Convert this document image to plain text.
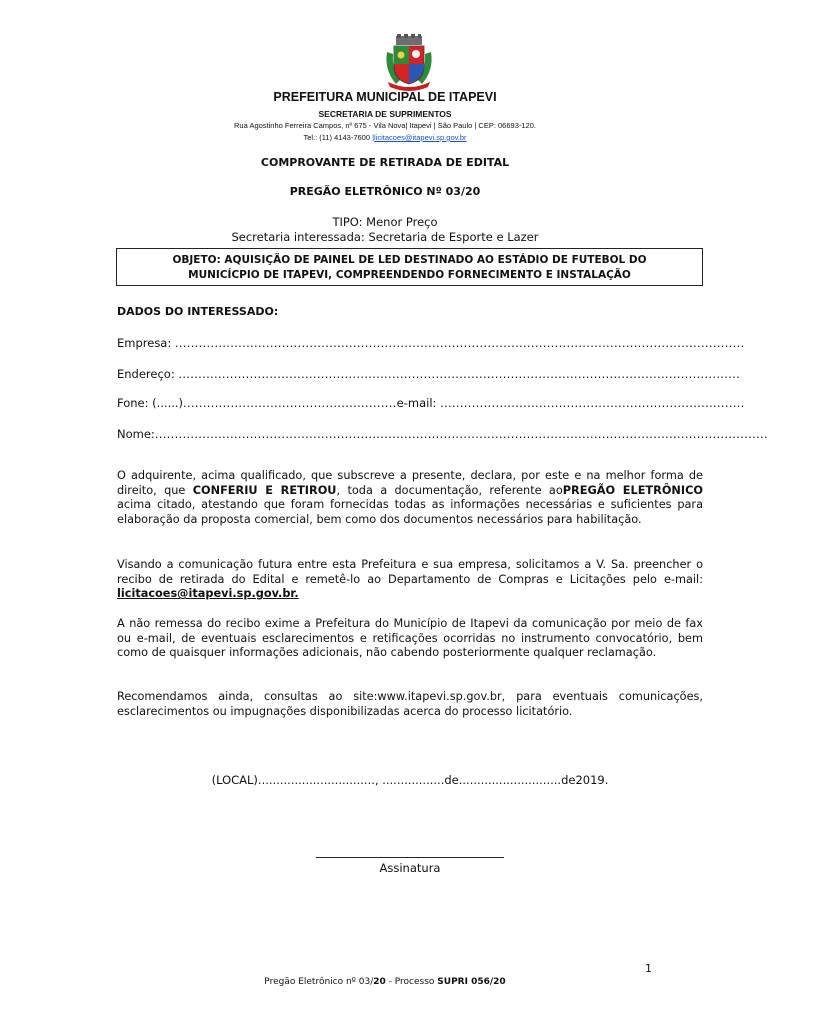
PREFEITURA MUNICIPAL DE ITAPEVI
SECRETARIA DE SUPRIMENTOS
Rua Agostinho Ferreira Campos, nº 675 - Vila Nova| Itapevi | São Paulo | CEP: 06693-120.
Tel.: (11) 4143-7600 |licitacoes@itapevi.sp.gov.br
COMPROVANTE DE RETIRADA DE EDITAL
PREGÃO ELETRÔNICO Nº 03/20
TIPO: Menor Preço
Secretaria interessada: Secretaria de Esporte e Lazer
OBJETO: AQUISIÇÃO DE PAINEL DE LED DESTINADO AO ESTÁDIO DE FUTEBOL DO
MUNICÍCPIO DE ITAPEVI, COMPREENDENDO FORNECIMENTO E INSTALAÇÃO
DADOS DO INTERESSADO:
Empresa: ................................................................................................................................................
Endereço: ..............................................................................................................................................
Fone: (......)......................................................e-mail: .............................................................................
Nome:...........................................................................................................................................................
O adquirente, acima qualificado, que subscreve a presente, declara, por este e na melhor forma de direito, que CONFERIU E RETIROU, toda a documentação, referente aoPREGÃO ELETRÔNICO acima citado, atestando que foram fornecidas todas as informações necessárias e suficientes para elaboração da proposta comercial, bem como dos documentos necessários para habilitação.
Visando a comunicação futura entre esta Prefeitura e sua empresa, solicitamos a V. Sa. preencher o recibo de retirada do Edital e remetê-lo ao Departamento de Compras e Licitações pelo e-mail: licitacoes@itapevi.sp.gov.br.
A não remessa do recibo exime a Prefeitura do Município de Itapevi da comunicação por meio de fax ou e-mail, de eventuais esclarecimentos e retificações ocorridas no instrumento convocatório, bem como de quaisquer informações adicionais, não cabendo posteriormente qualquer reclamação.
Recomendamos ainda, consultas ao site:www.itapevi.sp.gov.br, para eventuais comunicações, esclarecimentos ou impugnações disponibilizadas acerca do processo licitatório.
(LOCAL)................................, .................de............................de2019.
Assinatura
1
Pregão Eletrônico nº 03/20 - Processo SUPRI 056/20
